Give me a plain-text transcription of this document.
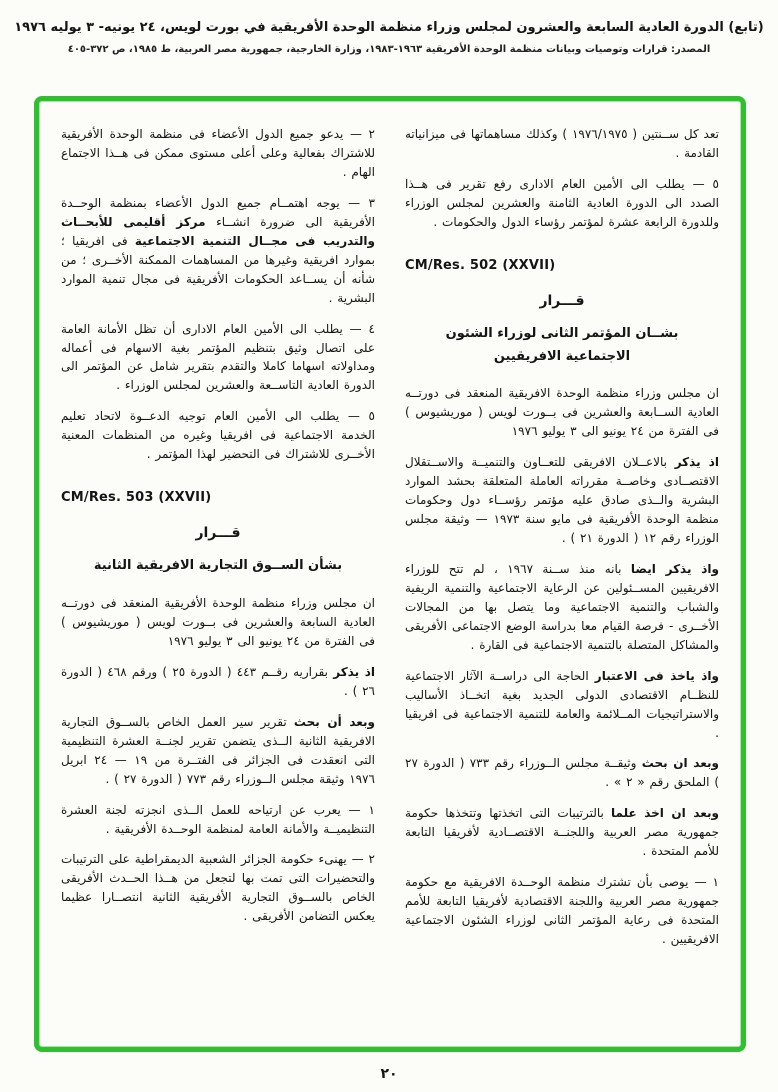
(تابع) الدورة العادية السابعة والعشرون لمجلس وزراء منظمة الوحدة الأفريقية في بورت لويس، ٢٤ يونيه- ٣ يوليه ١٩٧٦
المصدر: قرارات وتوصيات وبيانات منظمة الوحدة الأفريقية ١٩٦٣-١٩٨٣، وزارة الخارجية، جمهورية مصر العربية، ط ١٩٨٥، ص ٣٧٢-٤٠٥

تعد كل ســنتين ( ١٩٧٦/١٩٧٥ ) وكذلك مساهماتها فى ميزانياته القادمة .

٥ — يطلب الى الأمين العام الادارى رفع تقرير فى هــذا الصدد الى الدورة العادية الثامنة والعشرين لمجلس الوزراء وللدورة الرابعة عشرة لمؤتمر رؤساء الدول والحكومات .

CM/Res. 502 (XXVII)

قـــرار
بشــان المؤتمر الثانى لوزراء الشئون الاجتماعية الافريقيين

ان مجلس وزراء منظمة الوحدة الافريقية المنعقد فى دورتــه العادية الســابعة والعشرين فى بــورت لويس ( موريشيوس ) فى الفترة من ٢٤ يونيو الى ٣ يوليو ١٩٧٦

اذ يذكر بالاعــلان الافريقى للتعــاون والتنميــة والاســتقلال الاقتصــادى وخاصــة مقرراته العاملة المتعلقة بحشد الموارد البشرية والــذى صادق عليه مؤتمر رؤســاء دول وحكومات منظمة الوحدة الأفريقية فى مايو سنة ١٩٧٣ — وثيقة مجلس الوزراء رقم ١٢ ( الدورة ٢١ ) .

واذ يذكر ايضا بانه منذ ســنة ١٩٦٧ ، لم تتح للوزراء الافريقيين المســئولين عن الرعاية الاجتماعية والتنمية الريفية والشباب والتنمية الاجتماعية وما يتصل بها من المجالات الأخــرى - فرصة القيام معا بدراسة الوضع الاجتماعى الأفريقى والمشاكل المتصلة بالتنمية الاجتماعية فى القارة .

واذ ياخذ فى الاعتبار الحاجة الى دراســة الآثار الاجتماعية للنظــام الاقتصادى الدولى الجديد بغية اتخــاذ الأساليب والاستراتيجيات المــلائمة والعامة للتنمية الاجتماعية فى افريقيا .

وبعد ان بحث وثيقــة مجلس الــوزراء رقم ٧٣٣ ( الدورة ٢٧ ) الملحق رقم « ٢ » .

وبعد ان اخذ علما بالترتيبات التى اتخذتها وتتخذها حكومة جمهورية مصر العربية واللجنــة الاقتصــادية لأفريقيا التابعة للأمم المتحدة .

١ — يوصى بأن تشترك منظمة الوحــدة الافريقية مع حكومة جمهورية مصر العربية واللجنة الاقتصادية لأفريقيا التابعة للأمم المتحدة فى رعاية المؤتمر الثانى لوزراء الشئون الاجتماعية الافريقيين .

٢ — يدعو جميع الدول الأعضاء فى منظمة الوحدة الأفريقية للاشتراك بفعالية وعلى أعلى مستوى ممكن فى هــذا الاجتماع الهام .

٣ — يوجه اهتمــام جميع الدول الأعضاء بمنظمة الوحــدة الأفريقية الى ضرورة انشــاء مركز أقليمى للأبحــاث والتدريب فى مجــال التنمية الاجتماعية فى افريقيا ؛ بموارد افريقية وغيرها من المساهمات الممكنة الأخــرى ؛ من شأنه أن يســاعد الحكومات الأفريقية فى مجال تنمية الموارد البشرية .

٤ — يطلب الى الأمين العام الادارى أن تظل الأمانة العامة على اتصال وثيق بتنظيم المؤتمر بغية الاسهام فى أعماله ومداولاته اسهاما كاملا والتقدم بتقرير شامل عن المؤتمر الى الدورة العادية التاســعة والعشرين لمجلس الوزراء .

٥ — يطلب الى الأمين العام توجيه الدعــوة لاتحاد تعليم الخدمة الاجتماعية فى افريقيا وغيره من المنظمات المعنية الأخــرى للاشتراك فى التحضير لهذا المؤتمر .

CM/Res. 503 (XXVII)

قـــرار
بشأن الســوق التجارية الافريقية الثانية

ان مجلس وزراء منظمة الوحدة الأفريقية المنعقد فى دورتــه العادية السابعة والعشرين فى بــورت لويس ( موريشيوس ) فى الفترة من ٢٤ يونيو الى ٣ يوليو ١٩٧٦

اذ يذكر بقراريه رقــم ٤٤٣ ( الدورة ٢٥ ) ورقم ٤٦٨ ( الدورة ٢٦ ) .

وبعد أن بحث تقرير سير العمل الخاص بالســوق التجارية الافريقية الثانية الــذى يتضمن تقرير لجنــة العشرة التنظيمية التى انعقدت فى الجزائر فى الفتــرة من ١٩ — ٢٤ ابريل ١٩٧٦ وثيقة مجلس الــوزراء رقم ٧٧٣ ( الدورة ٢٧ ) .

١ — يعرب عن ارتياحه للعمل الــذى انجزته لجنة العشرة التنظيميــة والأمانة العامة لمنظمة الوحــدة الأفريقية .

٢ — يهنىء حكومة الجزائر الشعبية الديمقراطية على الترتيبات والتحضيرات التى تمت بها لتجعل من هــذا الحــدث الأفريقى الخاص بالســوق التجارية الأفريقية الثانية انتصــارا عظيما يعكس التضامن الأفريقى .

٢٠
